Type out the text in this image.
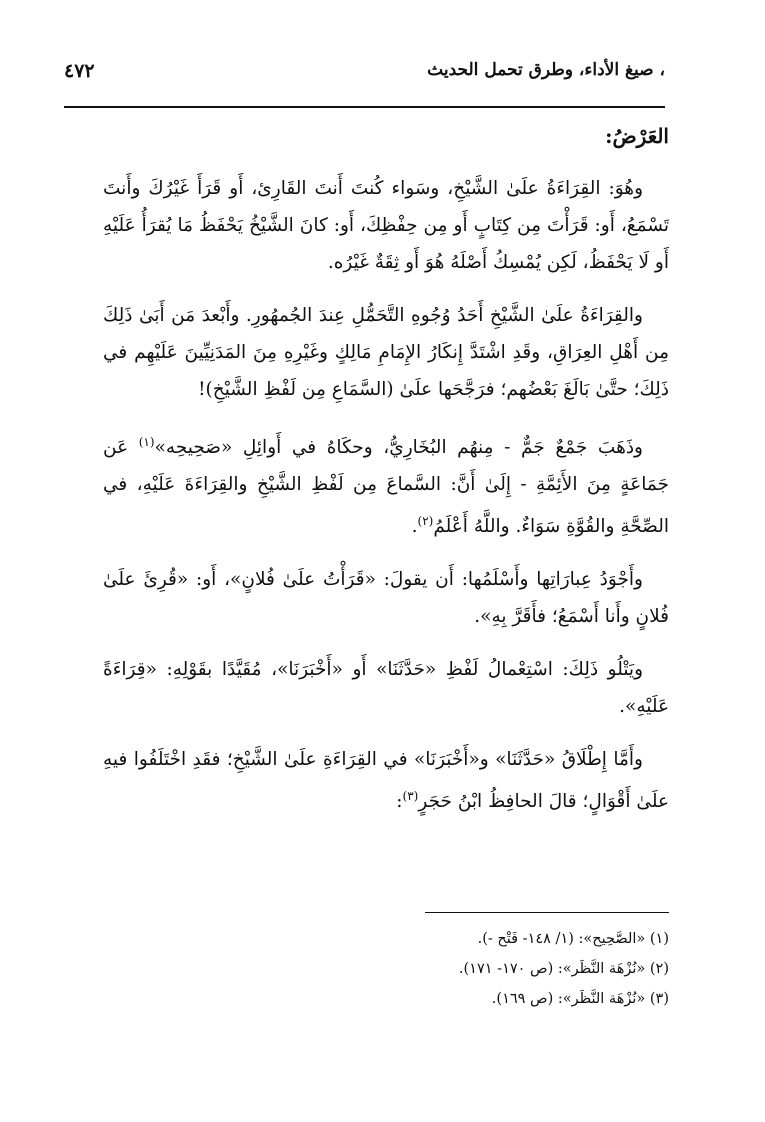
، صيغ الأداء، وطرق تحمل الحديث
٤٧٢
العَرْضُ:

وهُوَ: القِرَاءَةُ علَىٰ الشَّيْخِ، وسَواء كُنتَ أَنتَ القَارِئ، أَو قَرَأَ غَيْرُكَ وأَنتَ تَسْمَعُ، أَو: قَرَأْتَ مِن كِتَابٍ أَو مِن حِفْظِكَ، أَو: كانَ الشَّيْخُ يَحْفَظُ مَا يُقرَأُ عَلَيْهِ أَو لَا يَحْفَظُ، لَكِن يُمْسِكُ أَصْلَهُ هُوَ أَو ثِقَةٌ غَيْرُه.

والقِرَاءَةُ علَىٰ الشَّيْخِ أَحَدُ وُجُوهِ التَّحَمُّلِ عِندَ الجُمهُورِ. وأَبْعدَ مَن أَبَىٰ ذَلِكَ مِن أَهْلِ العِرَاقِ، وقَدِ اشْتَدَّ إِنكَارُ الإِمَامِ مَالِكٍ وغَيْرِهِ مِنَ المَدَنِيِّينَ عَلَيْهِم في ذَلِكَ؛ حتَّىٰ بَالَغَ بَعْضُهم؛ فرَجَّحَها علَىٰ (السَّمَاعِ مِن لَفْظِ الشَّيْخِ)!

وذَهَبَ جَمْعٌ جَمٌّ - مِنهُم البُخَارِيُّ، وحكَاهُ في أَوائِلِ «صَحِيحِه»$^{(١)}$ عَن جَمَاعَةٍ مِنَ الأَئِمَّةِ - إِلَىٰ أَنَّ: السَّماعَ مِن لَفْظِ الشَّيْخِ والقِرَاءَةَ عَلَيْهِ، في الصِّحَّةِ والقُوَّةِ سَوَاءٌ. واللَّهُ أَعْلَمُ$^{(٢)}$.

وأَجْوَدُ عِبارَاتِها وأَسْلَمُها: أَن يقولَ: «قَرَأْتُ علَىٰ فُلانٍ»، أَو: «قُرِئَ علَىٰ فُلانٍ وأَنا أَسْمَعُ؛ فأَقَرَّ بِهِ».

ويَتْلُو ذَلِكَ: اسْتِعْمالُ لَفْظِ «حَدَّثَنَا» أَو «أَخْبَرَنَا»، مُقَيَّدًا بقَوْلِهِ: «قِرَاءَةً عَلَيْهِ».

وأَمَّا إِطْلَاقُ «حَدَّثَنَا» و«أَخْبَرَنَا» في القِرَاءَةِ علَىٰ الشَّيْخِ؛ فقَدِ اخْتَلَفُوا فيهِ علَىٰ أَقْوَالٍ؛ قالَ الحافِظُ ابْنُ حَجَرٍ$^{(٣)}$:

(١) «الصَّحِيح»: (١/ ١٤٨- فَتْح -).

(٢) «نُزْهَة النَّظَر»: (ص ١٧٠- ١٧١).

(٣) «نُزْهَة النَّظَر»: (ص ١٦٩).
